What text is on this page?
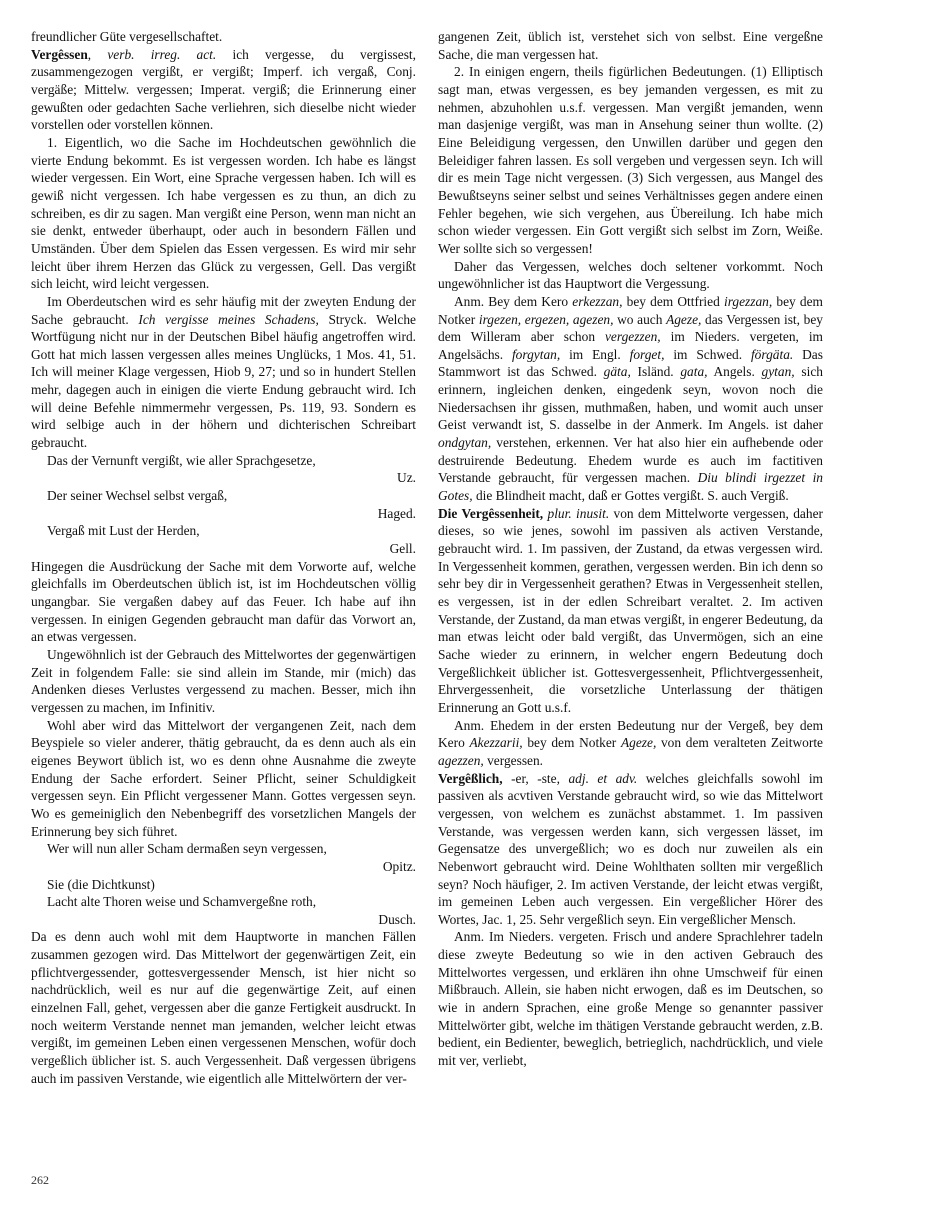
freundlicher Güte vergesellschaftet.

Vergêssen, verb. irreg. act. ich vergesse, du vergissest, zusammengezogen vergißt, er vergißt; Imperf. ich vergaß, Conj. vergäße; Mittelw. vergessen; Imperat. vergiß; die Erinnerung einer gewußten oder gedachten Sache verliehren, sich dieselbe nicht wieder vorstellen oder vorstellen können.

1. Eigentlich, wo die Sache im Hochdeutschen gewöhnlich die vierte Endung bekommt. Es ist vergessen worden. Ich habe es längst wieder vergessen. Ein Wort, eine Sprache vergessen haben. Ich will es gewiß nicht vergessen. Ich habe vergessen es zu thun, an dich zu schreiben, es dir zu sagen. Man vergißt eine Person, wenn man nicht an sie denkt, entweder überhaupt, oder auch in besondern Fällen und Umständen. Über dem Spielen das Essen vergessen. Es wird mir sehr leicht über ihrem Herzen das Glück zu vergessen, Gell. Das vergißt sich leicht, wird leicht vergessen.

Im Oberdeutschen wird es sehr häufig mit der zweyten Endung der Sache gebraucht. Ich vergisse meines Schadens, Stryck. Welche Wortfügung nicht nur in der Deutschen Bibel häufig angetroffen wird. Gott hat mich lassen vergessen alles meines Unglücks, 1 Mos. 41, 51. Ich will meiner Klage vergessen, Hiob 9, 27; und so in hundert Stellen mehr, dagegen auch in einigen die vierte Endung gebraucht wird. Ich will deine Befehle nimmermehr vergessen, Ps. 119, 93. Sondern es wird selbige auch in der höhern und dichterischen Schreibart gebraucht.

Das der Vernunft vergißt, wie aller Sprachgesetze,

Uz.

Der seiner Wechsel selbst vergaß,

Haged.

Vergaß mit Lust der Herden,

Gell.

Hingegen die Ausdrückung der Sache mit dem Vorworte auf, welche gleichfalls im Oberdeutschen üblich ist, ist im Hochdeutschen völlig ungangbar. Sie vergaßen dabey auf das Feuer. Ich habe auf ihn vergessen. In einigen Gegenden gebraucht man dafür das Vorwort an, an etwas vergessen.

Ungewöhnlich ist der Gebrauch des Mittelwortes der gegenwärtigen Zeit in folgendem Falle: sie sind allein im Stande, mir (mich) das Andenken dieses Verlustes vergessend zu machen. Besser, mich ihn vergessen zu machen, im Infinitiv.

Wohl aber wird das Mittelwort der vergangenen Zeit, nach dem Beyspiele so vieler anderer, thätig gebraucht, da es denn auch als ein eigenes Beywort üblich ist, wo es denn ohne Ausnahme die zweyte Endung der Sache erfordert. Seiner Pflicht, seiner Schuldigkeit vergessen seyn. Ein Pflicht vergessener Mann. Gottes vergessen seyn. Wo es gemeiniglich den Nebenbegriff des vorsetzlichen Mangels der Erinnerung bey sich führet.

Wer will nun aller Scham dermaßen seyn vergessen,

Opitz.

Sie (die Dichtkunst)

Lacht alte Thoren weise und Schamvergeßne roth,

Dusch.

Da es denn auch wohl mit dem Hauptworte in manchen Fällen zusammen gezogen wird. Das Mittelwort der gegenwärtigen Zeit, ein pflichtvergessender, gottesvergessender Mensch, ist hier nicht so nachdrücklich, weil es nur auf die gegenwärtige Zeit, auf einen einzelnen Fall, gehet, vergessen aber die ganze Fertigkeit ausdruckt. In noch weiterm Verstande nennet man jemanden, welcher leicht etwas vergißt, im gemeinen Leben einen vergessenen Menschen, wofür doch vergeßlich üblicher ist. S. auch Vergessenheit. Daß vergessen übrigens auch im passiven Verstande, wie eigentlich alle Mittelwörtern der ver-

gangenen Zeit, üblich ist, verstehet sich von selbst. Eine vergeßne Sache, die man vergessen hat.

2. In einigen engern, theils figürlichen Bedeutungen. (1) Elliptisch sagt man, etwas vergessen, es bey jemanden vergessen, es mit zu nehmen, abzuhohlen u.s.f. vergessen. Man vergißt jemanden, wenn man dasjenige vergißt, was man in Ansehung seiner thun wollte. (2) Eine Beleidigung vergessen, den Unwillen darüber und gegen den Beleidiger fahren lassen. Es soll vergeben und vergessen seyn. Ich will dir es mein Tage nicht vergessen. (3) Sich vergessen, aus Mangel des Bewußtseyns seiner selbst und seines Verhältnisses gegen andere einen Fehler begehen, wie sich vergehen, aus Übereilung. Ich habe mich schon wieder vergessen. Ein Gott vergißt sich selbst im Zorn, Weiße. Wer sollte sich so vergessen!

Daher das Vergessen, welches doch seltener vorkommt. Noch ungewöhnlicher ist das Hauptwort die Vergessung.

Anm. Bey dem Kero erkezzan, bey dem Ottfried irgezzan, bey dem Notker irgezen, ergezen, agezen, wo auch Ageze, das Vergessen ist, bey dem Willeram aber schon vergezzen, im Nieders. vergeten, im Angelsächs. forgytan, im Engl. forget, im Schwed. förgäta. Das Stammwort ist das Schwed. gäta, Isländ. gata, Angels. gytan, sich erinnern, ingleichen denken, eingedenk seyn, wovon noch die Niedersachsen ihr gissen, muthmaßen, haben, und womit auch unser Geist verwandt ist, S. dasselbe in der Anmerk. Im Angels. ist daher ondgytan, verstehen, erkennen. Ver hat also hier ein aufhebende oder destruirende Bedeutung. Ehedem wurde es auch im factitiven Verstande gebraucht, für vergessen machen. Diu blindi irgezzet in Gotes, die Blindheit macht, daß er Gottes vergißt. S. auch Vergiß.

Die Vergêssenheit, plur. inusit. von dem Mittelworte vergessen, daher dieses, so wie jenes, sowohl im passiven als activen Verstande, gebraucht wird. 1. Im passiven, der Zustand, da etwas vergessen wird. In Vergessenheit kommen, gerathen, vergessen werden. Bin ich denn so sehr bey dir in Vergessenheit gerathen? Etwas in Vergessenheit stellen, es vergessen, ist in der edlen Schreibart veraltet. 2. Im activen Verstande, der Zustand, da man etwas vergißt, in engerer Bedeutung, da man etwas leicht oder bald vergißt, das Unvermögen, sich an eine Sache wieder zu erinnern, in welcher engern Bedeutung doch Vergeßlichkeit üblicher ist. Gottesvergessenheit, Pflichtvergessenheit, Ehrvergessenheit, die vorsetzliche Unterlassung der thätigen Erinnerung an Gott u.s.f.

Anm. Ehedem in der ersten Bedeutung nur der Vergeß, bey dem Kero Akezzarii, bey dem Notker Ageze, von dem veralteten Zeitworte agezzen, vergessen.

Vergêßlich, -er, -ste, adj. et adv. welches gleichfalls sowohl im passiven als acvtiven Verstande gebraucht wird, so wie das Mittelwort vergessen, von welchem es zunächst abstammet. 1. Im passiven Verstande, was vergessen werden kann, sich vergessen lässet, im Gegensatze des unvergeßlich; wo es doch nur zuweilen als ein Nebenwort gebraucht wird. Deine Wohlthaten sollten mir vergeßlich seyn? Noch häufiger, 2. Im activen Verstande, der leicht etwas vergißt, im gemeinen Leben auch vergessen. Ein vergeßlicher Hörer des Wortes, Jac. 1, 25. Sehr vergeßlich seyn. Ein vergeßlicher Mensch.

Anm. Im Nieders. vergeten. Frisch und andere Sprachlehrer tadeln diese zweyte Bedeutung so wie in den activen Gebrauch des Mittelwortes vergessen, und erklären ihn ohne Umschweif für einen Mißbrauch. Allein, sie haben nicht erwogen, daß es im Deutschen, so wie in andern Sprachen, eine große Menge so genannter passiver Mittelwörter gibt, welche im thätigen Verstande gebraucht werden, z.B. bedient, ein Bedienter, beweglich, betrieglich, nachdrücklich, und viele mit ver, verliebt,

262
